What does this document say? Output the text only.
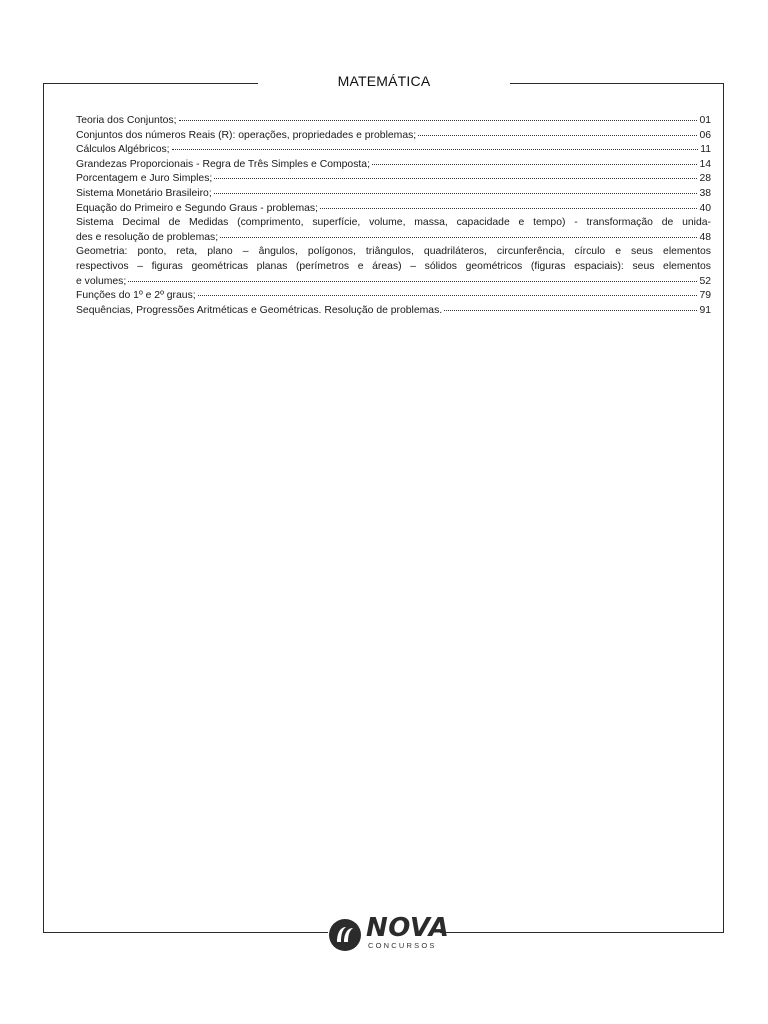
MATEMÁTICA
Teoria dos Conjuntos;	01
Conjuntos dos números Reais (R): operações, propriedades e problemas;	06
Cálculos Algébricos;	11
Grandezas Proporcionais - Regra de Três Simples e Composta;	14
Porcentagem e Juro Simples;	28
Sistema Monetário Brasileiro;	38
Equação do Primeiro e Segundo Graus - problemas;	40
Sistema Decimal de Medidas (comprimento, superfície, volume, massa, capacidade e tempo) - transformação de unida-
des e resolução de problemas;	48
Geometria: ponto, reta, plano – ângulos, polígonos, triângulos, quadriláteros, circunferência, círculo e seus elementos
respectivos – figuras geométricas planas (perímetros e áreas) – sólidos geométricos (figuras espaciais): seus elementos
e volumes;	52
Funções do 1º e 2º graus;	79
Sequências, Progressões Aritméticas e Geométricas. Resolução de problemas.	91
NOVA
CONCURSOS
